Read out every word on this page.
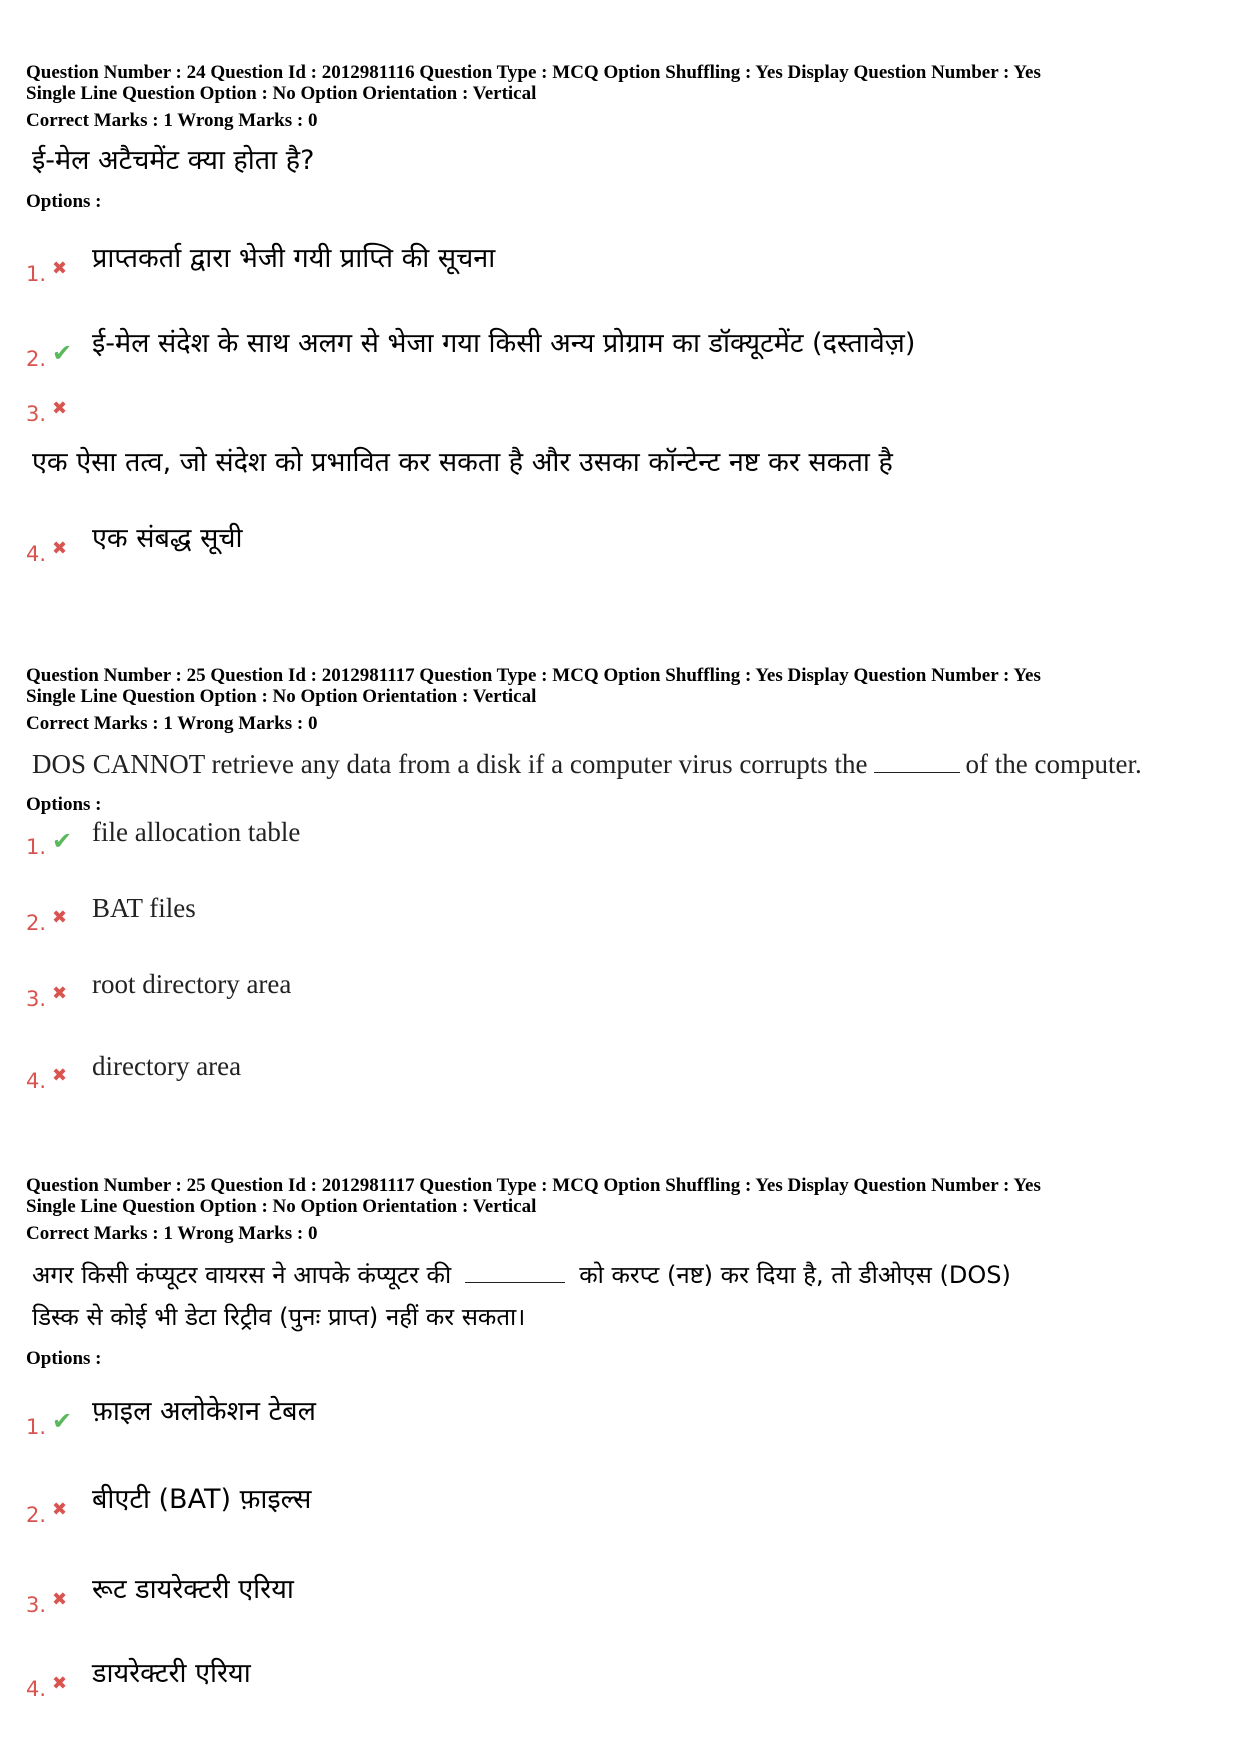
Question Number : 24 Question Id : 2012981116 Question Type : MCQ Option Shuffling : Yes Display Question Number : Yes
Single Line Question Option : No Option Orientation : Vertical
Correct Marks : 1 Wrong Marks : 0
ई-मेल अटैचमेंट क्या होता है?
Options :
1. ✖ प्राप्तकर्ता द्वारा भेजी गयी प्राप्ति की सूचना
2. ✔ ई-मेल संदेश के साथ अलग से भेजा गया किसी अन्य प्रोग्राम का डॉक्यूटमेंट (दस्तावेज़)
3. ✖
एक ऐसा तत्व, जो संदेश को प्रभावित कर सकता है और उसका कॉन्टेन्ट नष्ट कर सकता है
4. ✖ एक संबद्ध सूची
Question Number : 25 Question Id : 2012981117 Question Type : MCQ Option Shuffling : Yes Display Question Number : Yes
Single Line Question Option : No Option Orientation : Vertical
Correct Marks : 1 Wrong Marks : 0
DOS CANNOT retrieve any data from a disk if a computer virus corrupts the	of the computer.
Options :
1. ✔ file allocation table
2. ✖ BAT files
3. ✖ root directory area
4. ✖ directory area
Question Number : 25 Question Id : 2012981117 Question Type : MCQ Option Shuffling : Yes Display Question Number : Yes
Single Line Question Option : No Option Orientation : Vertical
Correct Marks : 1 Wrong Marks : 0
अगर किसी कंप्यूटर वायरस ने आपके कंप्यूटर की	को करप्ट (नष्ट) कर दिया है, तो डीओएस (DOS)
डिस्क से कोई भी डेटा रिट्रीव (पुनः प्राप्त) नहीं कर सकता।
Options :
1. ✔ फ़ाइल अलोकेशन टेबल
2. ✖ बीएटी (BAT) फ़ाइल्स
3. ✖ रूट डायरेक्टरी एरिया
4. ✖ डायरेक्टरी एरिया
